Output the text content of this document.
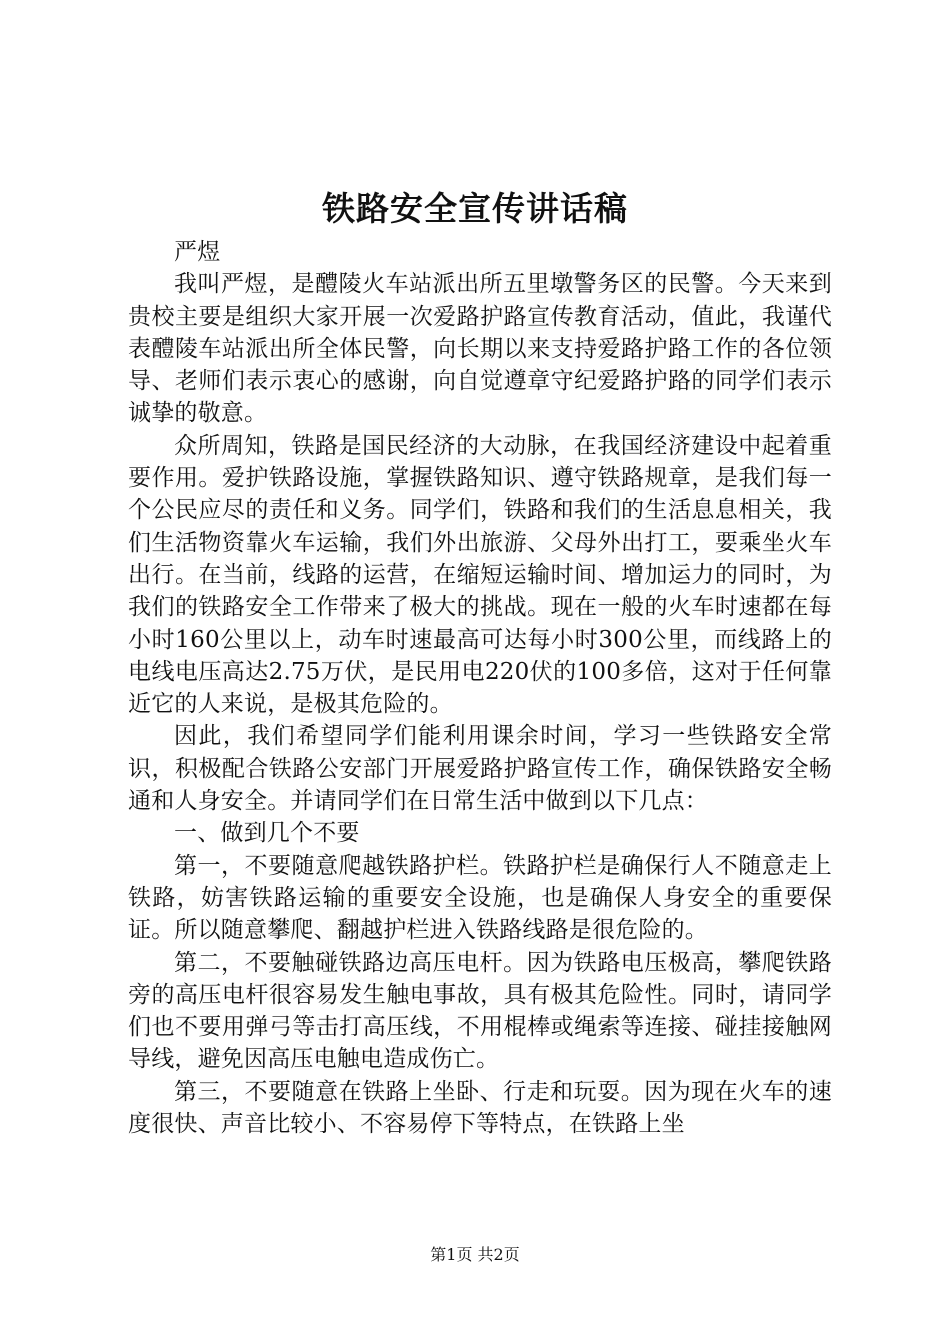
铁路安全宣传讲话稿

严煜

我叫严煜，是醴陵火车站派出所五里墩警务区的民警。今天来到贵校主要是组织大家开展一次爱路护路宣传教育活动，值此，我谨代表醴陵车站派出所全体民警，向长期以来支持爱路护路工作的各位领导、老师们表示衷心的感谢，向自觉遵章守纪爱路护路的同学们表示诚挚的敬意。

众所周知，铁路是国民经济的大动脉，在我国经济建设中起着重要作用。爱护铁路设施，掌握铁路知识、遵守铁路规章，是我们每一个公民应尽的责任和义务。同学们，铁路和我们的生活息息相关，我们生活物资靠火车运输，我们外出旅游、父母外出打工，要乘坐火车出行。在当前，线路的运营，在缩短运输时间、增加运力的同时，为我们的铁路安全工作带来了极大的挑战。现在一般的火车时速都在每小时160公里以上，动车时速最高可达每小时300公里，而线路上的电线电压高达2.75万伏，是民用电220伏的100多倍，这对于任何靠近它的人来说，是极其危险的。

因此，我们希望同学们能利用课余时间，学习一些铁路安全常识，积极配合铁路公安部门开展爱路护路宣传工作，确保铁路安全畅通和人身安全。并请同学们在日常生活中做到以下几点：

一、做到几个不要

第一，不要随意爬越铁路护栏。铁路护栏是确保行人不随意走上铁路，妨害铁路运输的重要安全设施，也是确保人身安全的重要保证。所以随意攀爬、翻越护栏进入铁路线路是很危险的。

第二，不要触碰铁路边高压电杆。因为铁路电压极高，攀爬铁路旁的高压电杆很容易发生触电事故，具有极其危险性。同时，请同学们也不要用弹弓等击打高压线，不用棍棒或绳索等连接、碰挂接触网导线，避免因高压电触电造成伤亡。

第三，不要随意在铁路上坐卧、行走和玩耍。因为现在火车的速度很快、声音比较小、不容易停下等特点，在铁路上坐

第1页 共2页
